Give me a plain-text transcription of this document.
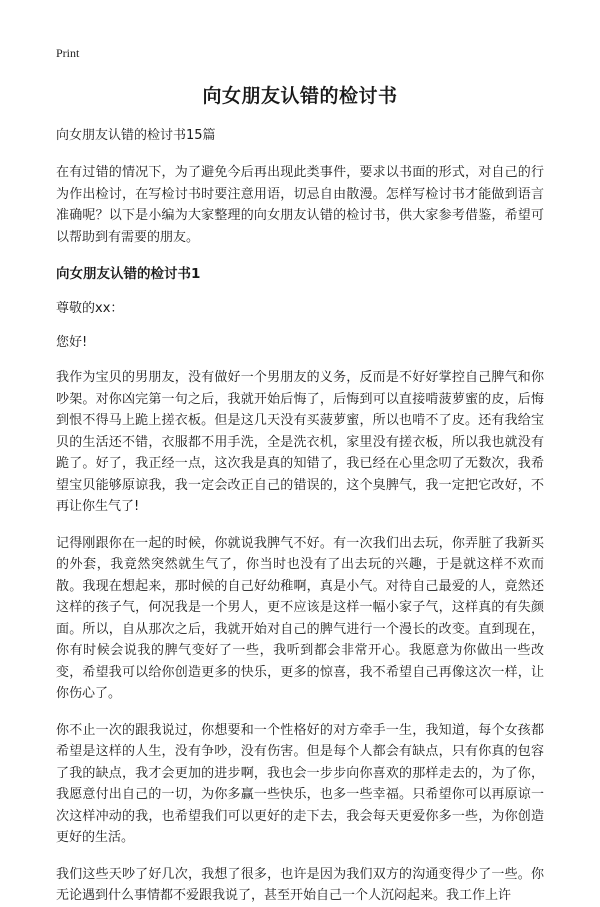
Print
向女朋友认错的检讨书
向女朋友认错的检讨书15篇

在有过错的情况下，为了避免今后再出现此类事件，要求以书面的形式，对自己的行为作出检讨，在写检讨书时要注意用语，切忌自由散漫。怎样写检讨书才能做到语言准确呢？以下是小编为大家整理的向女朋友认错的检讨书，供大家参考借鉴，希望可以帮助到有需要的朋友。

向女朋友认错的检讨书1
尊敬的xx：
您好!

我作为宝贝的男朋友，没有做好一个男朋友的义务，反而是不好好掌控自己脾气和你吵架。对你凶完第一句之后，我就开始后悔了，后悔到可以直接啃菠萝蜜的皮，后悔到恨不得马上跪上搓衣板。但是这几天没有买菠萝蜜，所以也啃不了皮。还有我给宝贝的生活还不错，衣服都不用手洗，全是洗衣机，家里没有搓衣板，所以我也就没有跪了。好了，我正经一点，这次我是真的知错了，我已经在心里念叨了无数次，我希望宝贝能够原谅我，我一定会改正自己的错误的，这个臭脾气，我一定把它改好，不再让你生气了!

记得刚跟你在一起的时候，你就说我脾气不好。有一次我们出去玩，你弄脏了我新买的外套，我竟然突然就生气了，你当时也没有了出去玩的兴趣，于是就这样不欢而散。我现在想起来，那时候的自己好幼稚啊，真是小气。对待自己最爱的人，竟然还这样的孩子气，何况我是一个男人，更不应该是这样一幅小家子气，这样真的有失颜面。所以，自从那次之后，我就开始对自己的脾气进行一个漫长的改变。直到现在，你有时候会说我的脾气变好了一些，我听到都会非常开心。我愿意为你做出一些改变，希望我可以给你创造更多的快乐，更多的惊喜，我不希望自己再像这次一样，让你伤心了。

你不止一次的跟我说过，你想要和一个性格好的对方牵手一生，我知道，每个女孩都希望是这样的人生，没有争吵，没有伤害。但是每个人都会有缺点，只有你真的包容了我的缺点，我才会更加的进步啊，我也会一步步向你喜欢的那样走去的，为了你，我愿意付出自己的一切，为你多赢一些快乐，也多一些幸福。只希望你可以再原谅一次这样冲动的我，也希望我们可以更好的走下去，我会每天更爱你多一些，为你创造更好的生活。

我们这些天吵了好几次，我想了很多，也许是因为我们双方的沟通变得少了一些。你无论遇到什么事情都不爱跟我说了，甚至开始自己一个人沉闷起来。我工作上许
